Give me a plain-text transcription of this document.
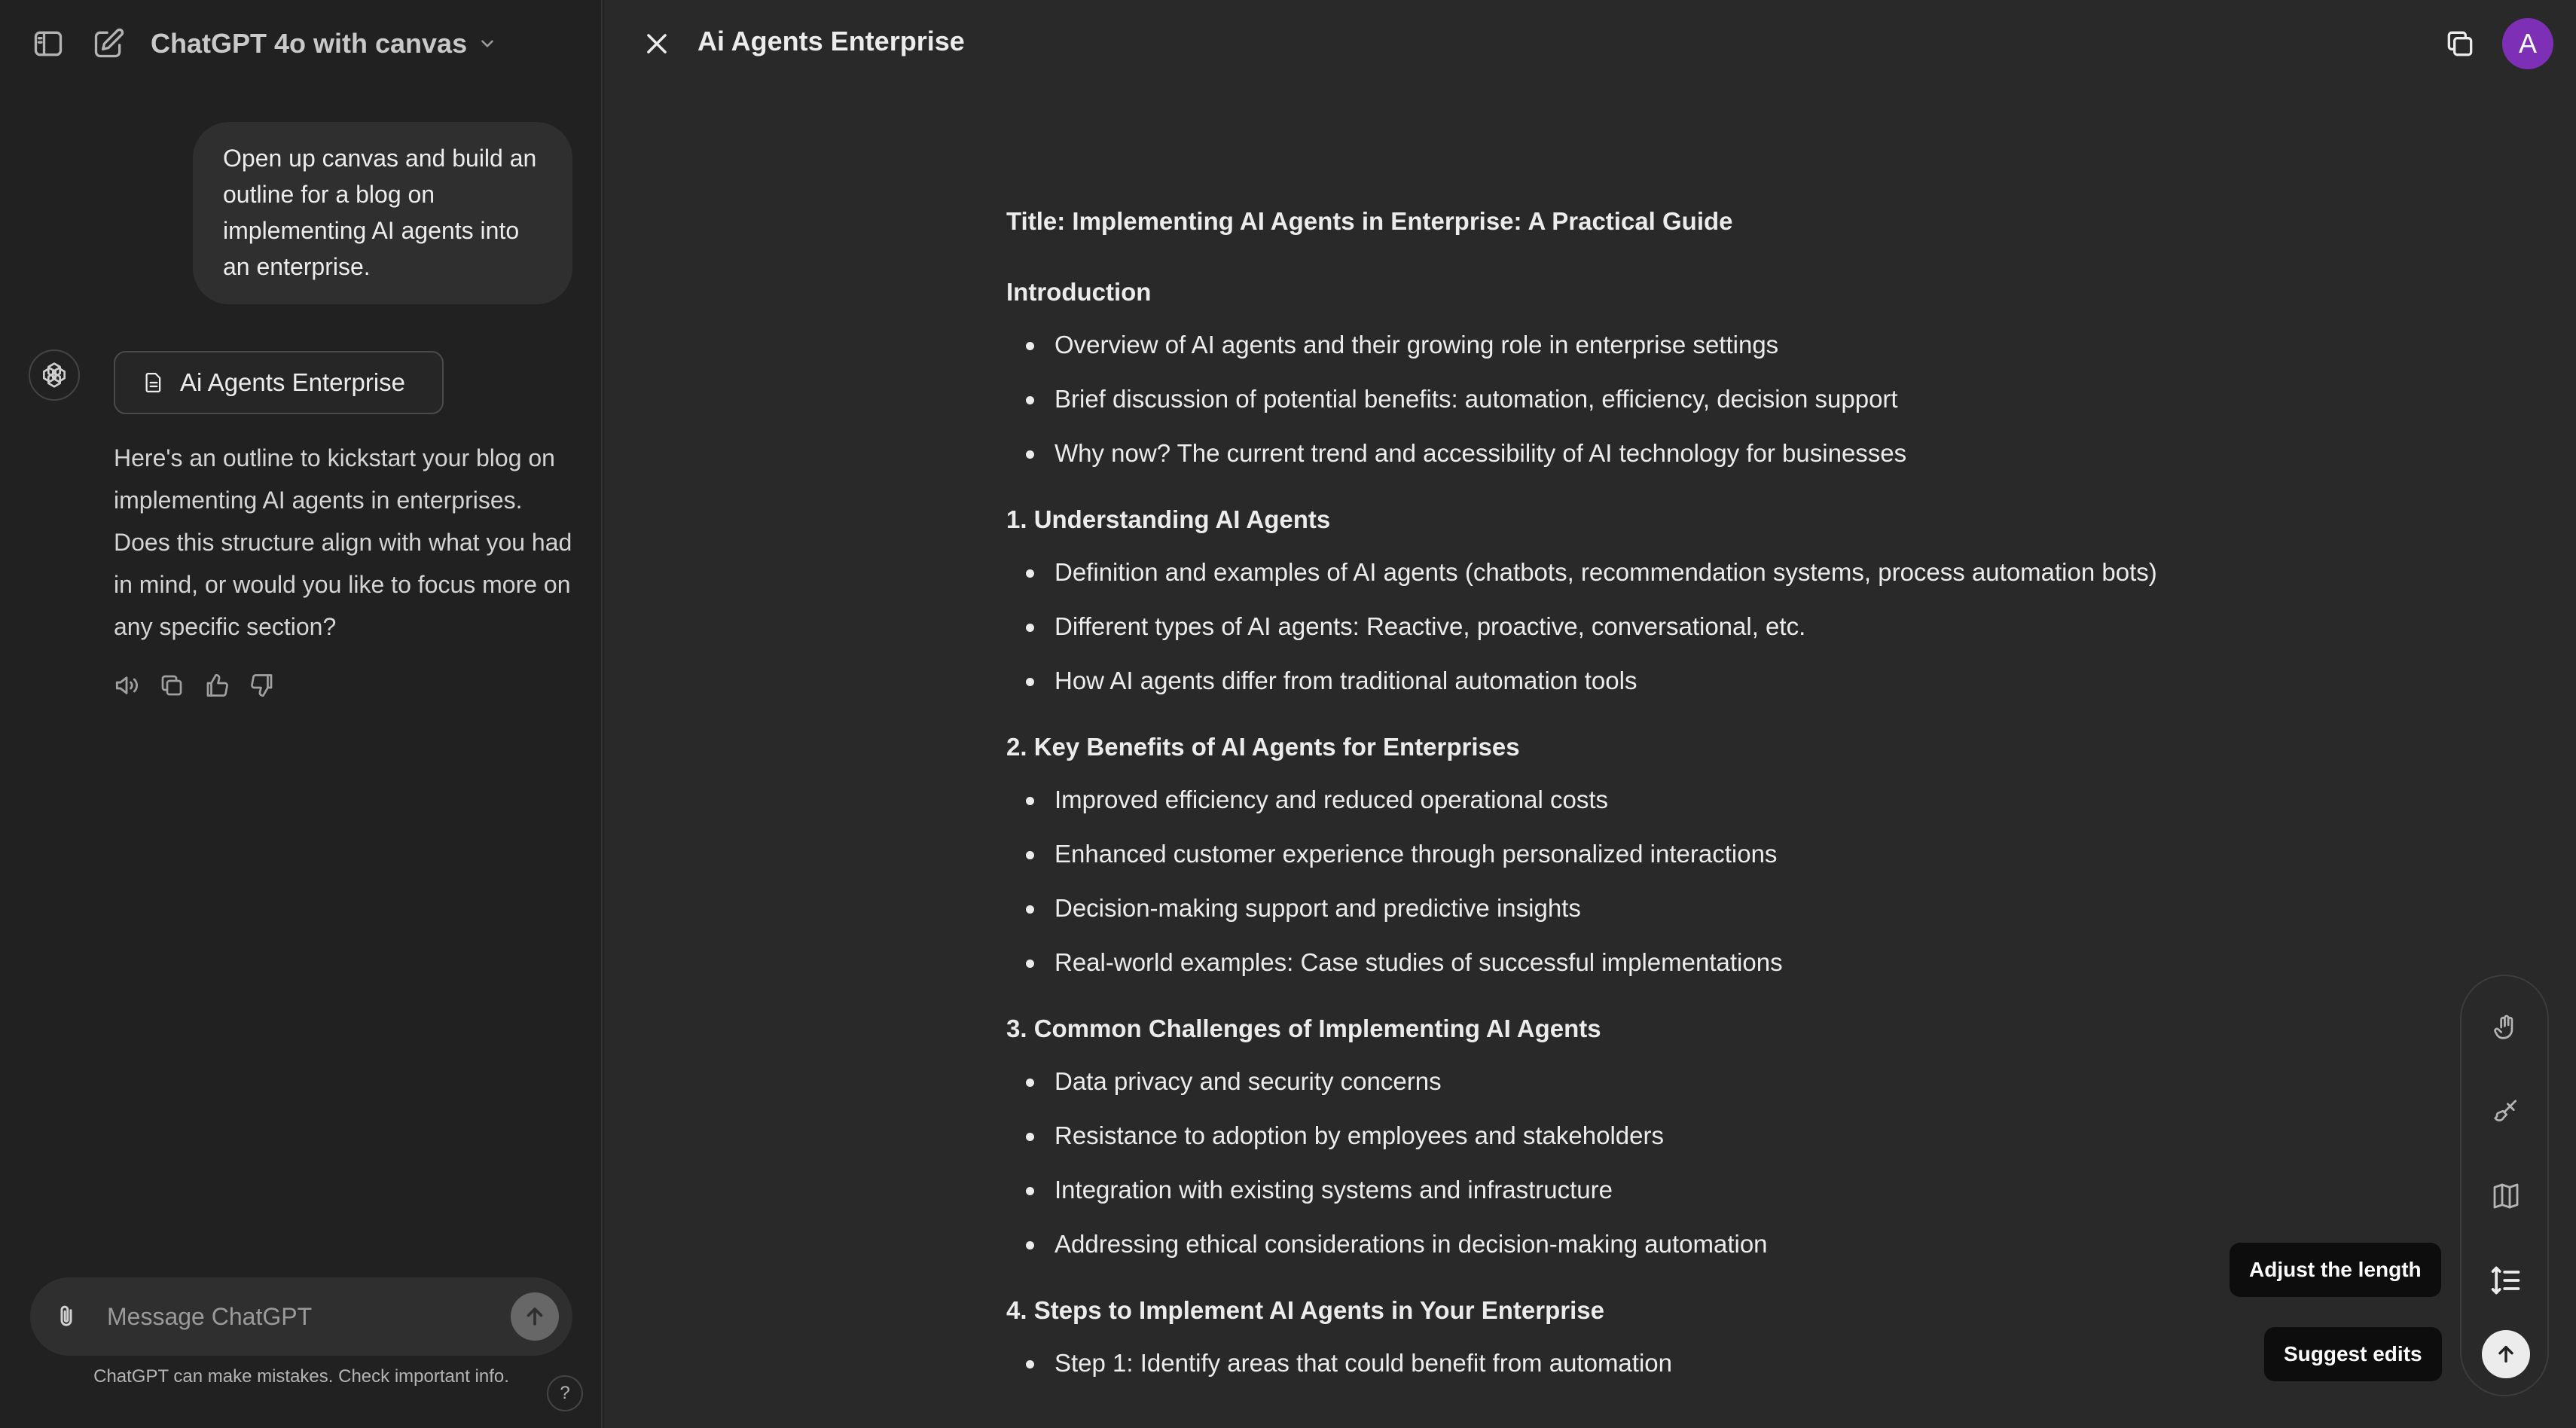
ChatGPT 4o with canvas
Open up canvas and build an outline for a blog on implementing AI agents into an enterprise.
Ai Agents Enterprise
Here's an outline to kickstart your blog on implementing AI agents in enterprises. Does this structure align with what you had in mind, or would you like to focus more on any specific section?
Message ChatGPT
ChatGPT can make mistakes. Check important info.
?
Ai Agents Enterprise	A
Title: Implementing AI Agents in Enterprise: A Practical Guide
Introduction
Overview of AI agents and their growing role in enterprise settings
Brief discussion of potential benefits: automation, efficiency, decision support
Why now? The current trend and accessibility of AI technology for businesses
1. Understanding AI Agents
Definition and examples of AI agents (chatbots, recommendation systems, process automation bots)
Different types of AI agents: Reactive, proactive, conversational, etc.
How AI agents differ from traditional automation tools
2. Key Benefits of AI Agents for Enterprises
Improved efficiency and reduced operational costs
Enhanced customer experience through personalized interactions
Decision-making support and predictive insights
Real-world examples: Case studies of successful implementations
3. Common Challenges of Implementing AI Agents
Data privacy and security concerns
Resistance to adoption by employees and stakeholders
Integration with existing systems and infrastructure
Addressing ethical considerations in decision-making automation
4. Steps to Implement AI Agents in Your Enterprise
Step 1: Identify areas that could benefit from automation
Adjust the length
Suggest edits
